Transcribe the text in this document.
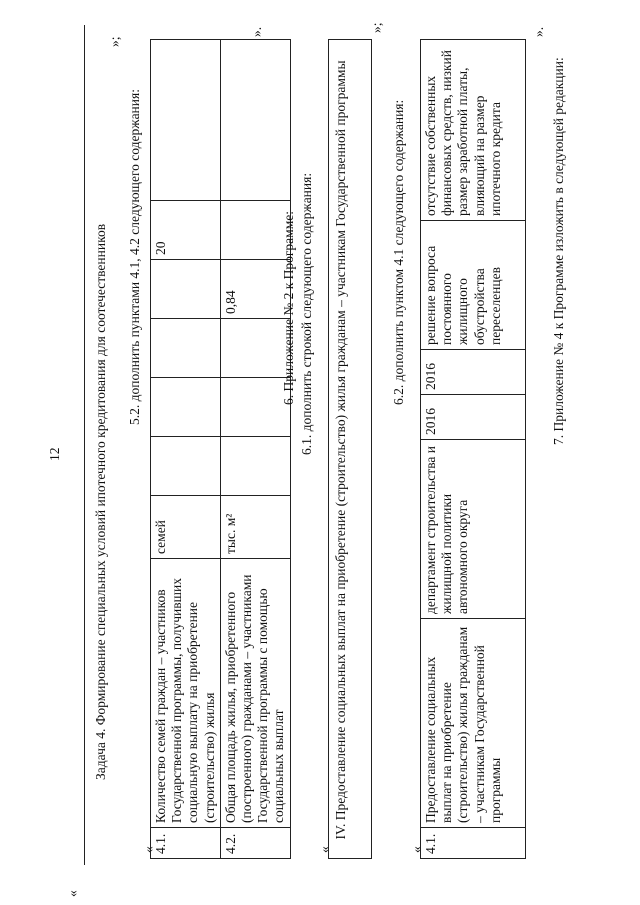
12
«
Задача 4. Формирование специальных условий ипотечного кредитования для соотечественников
»;
5.2. дополнить пунктами 4.1, 4.2 следующего содержания:
«
4.1.	Количество семей граждан – участников Государственной программы, получивших социальную выплату на приобретение (строительство) жилья	семей					20	
4.2.	Общая площадь жилья, приобретенного (построенного) гражданами – участниками Государственной программы с помощью социальных выплат	тыс. м²				0,84		
».
6. Приложение № 2 к Программе: 6.1. дополнить строкой следующего содержания:
«
IV. Предоставление социальных выплат на приобретение (строительство) жилья гражданам – участникам Государственной программы
»;
6.2. дополнить пунктом 4.1 следующего содержания:
« 4.1.	Предоставление социальных выплат на приобретение (строительство) жилья гражданам – участникам Государственной программы	департамент строительства и жилищной политики автономного округа	2016	2016	решение вопроса постоянного жилищного обустройства переселенцев	отсутствие собственных финансовых средств, низкий размер заработной платы, влияющий на размер ипотечного кредита
».
7. Приложение № 4 к Программе изложить в следующей редакции:
